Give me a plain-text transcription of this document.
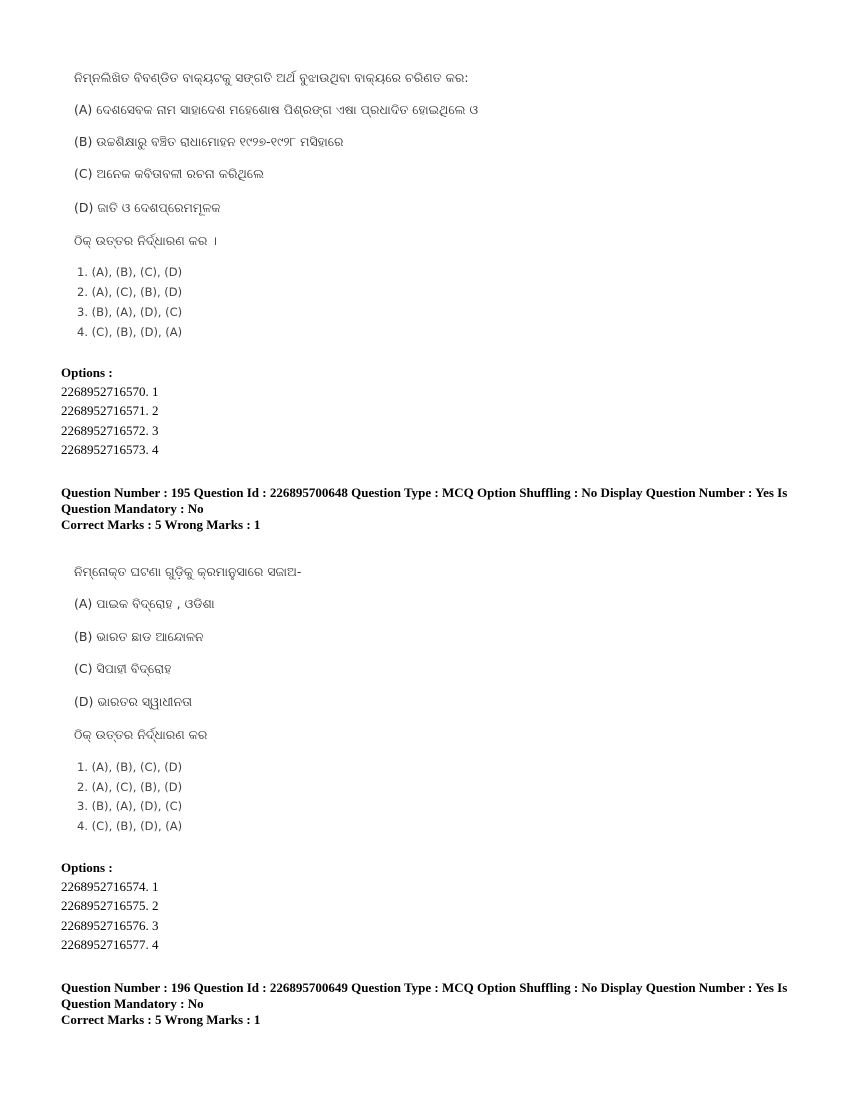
ନିମ୍ନଲିଖିତ ବିବଣ୍ଡିତ ବାକ୍ୟଟକୁ ସଙ୍ଗତି ଅର୍ଥ ବୁଝାଉଥିବା ବାକ୍ୟରେ ଚରିଣତ କର:
(A) ଦେଶସେବକ ନାମ ସାହାଦେଶ ମହେଶୋଷ ପିଶ୍ରଙ୍ଗ ଏଷା ପ୍ରଧାଦିତ ହୋଇଥିଲେ ଓ
(B) ଉଚ୍ଚଶିକ୍ଷାରୁ ବଞ୍ଚିତ ରାଧାମୋହନ ୧୯୨୭-୧୯୨୮ ମସିହାରେ
(C) ଅନେକ କବିତାବଳୀ ରଚନା କରିଥିଲେ
(D) ଜାତି ଓ ଦେଶପ୍ରେମମୂଳକ
ଠିକ୍ ଉତ୍ତର ନିର୍ଦ୍ଧାରଣ କର ।
1. (A), (B), (C), (D)
2. (A), (C), (B), (D)
3. (B), (A), (D), (C)
4. (C), (B), (D), (A)
Options :
2268952716570. 1
2268952716571. 2
2268952716572. 3
2268952716573. 4
Question Number : 195 Question Id : 226895700648 Question Type : MCQ Option Shuffling : No Display Question Number : Yes Is
Question Mandatory : No
Correct Marks : 5 Wrong Marks : 1
ନିମ୍ନୋକ୍ତ ଘଟଣା ଗୁଡ଼ିକୁ କ୍ରମାନୁସାରେ ସଜାଅ-
(A) ପାଇକ ବିଦ୍ରୋହ , ଓଡିଶା
(B) ଭାରତ ଛାଡ ଆନ୍ଦୋଳନ
(C) ସିପାହୀ ବିଦ୍ରୋହ
(D) ଭାରତର ସ୍ୱାଧୀନତା
ଠିକ୍ ଉତ୍ତର ନିର୍ଦ୍ଧାରଣ କର
1. (A), (B), (C), (D)
2. (A), (C), (B), (D)
3. (B), (A), (D), (C)
4. (C), (B), (D), (A)
Options :
2268952716574. 1
2268952716575. 2
2268952716576. 3
2268952716577. 4
Question Number : 196 Question Id : 226895700649 Question Type : MCQ Option Shuffling : No Display Question Number : Yes Is
Question Mandatory : No
Correct Marks : 5 Wrong Marks : 1
